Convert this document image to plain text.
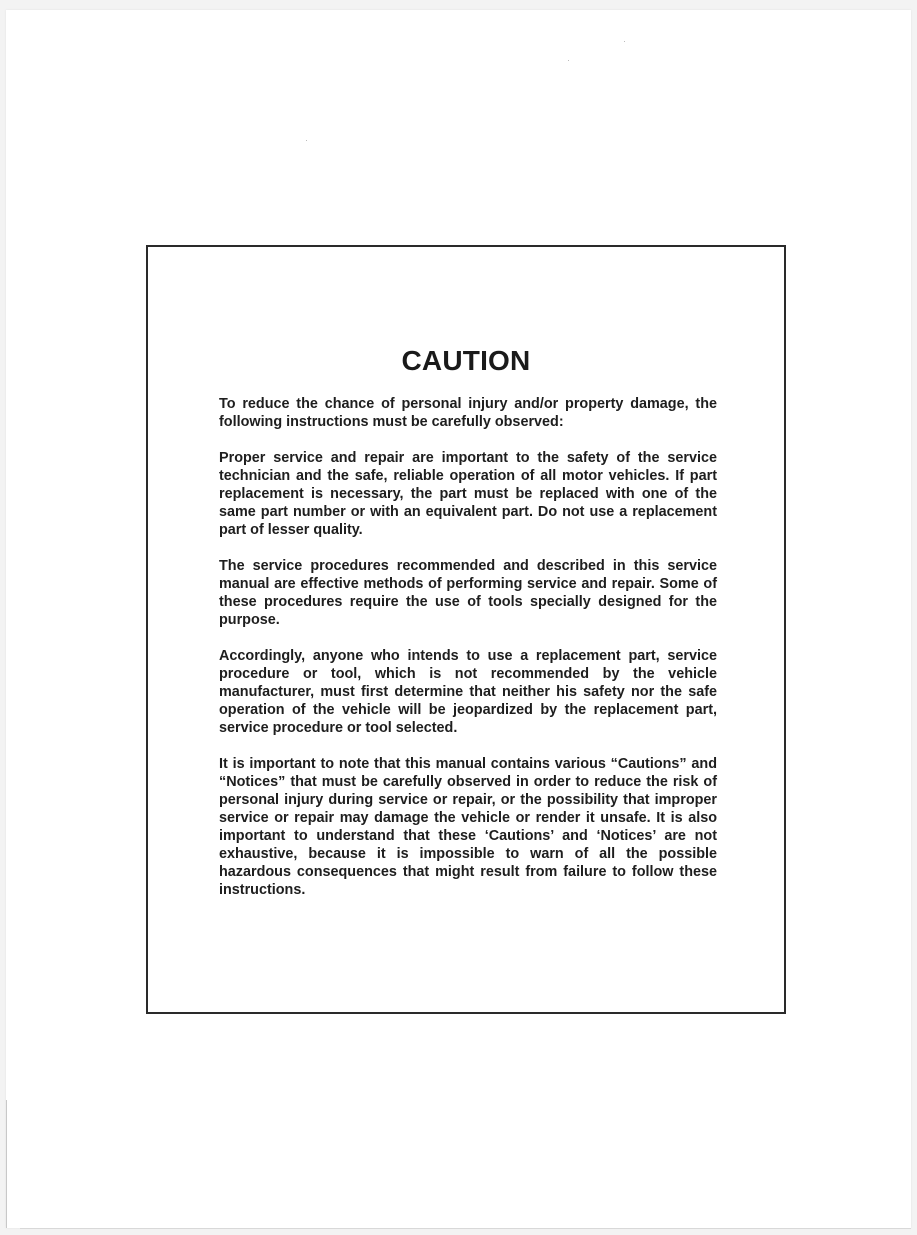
CAUTION

To reduce the chance of personal injury and/or property damage, the following instructions must be carefully observed:

Proper service and repair are important to the safety of the service technician and the safe, reliable operation of all motor vehicles. If part replacement is necessary, the part must be replaced with one of the same part number or with an equivalent part. Do not use a replacement part of lesser quality.

The service procedures recommended and described in this service manual are effective methods of performing service and repair. Some of these procedures require the use of tools specially designed for the purpose.

Accordingly, anyone who intends to use a replacement part, service procedure or tool, which is not recommended by the vehicle manufacturer, must first determine that neither his safety nor the safe operation of the vehicle will be jeopardized by the replacement part, service procedure or tool selected.

It is important to note that this manual contains various “Cautions” and “Notices” that must be carefully observed in order to reduce the risk of personal injury during service or repair, or the possibility that improper service or repair may damage the vehicle or render it unsafe. It is also important to understand that these ‘Cautions’ and ‘Notices’ are not exhaustive, because it is impossible to warn of all the possible hazardous consequences that might result from failure to follow these instructions.
